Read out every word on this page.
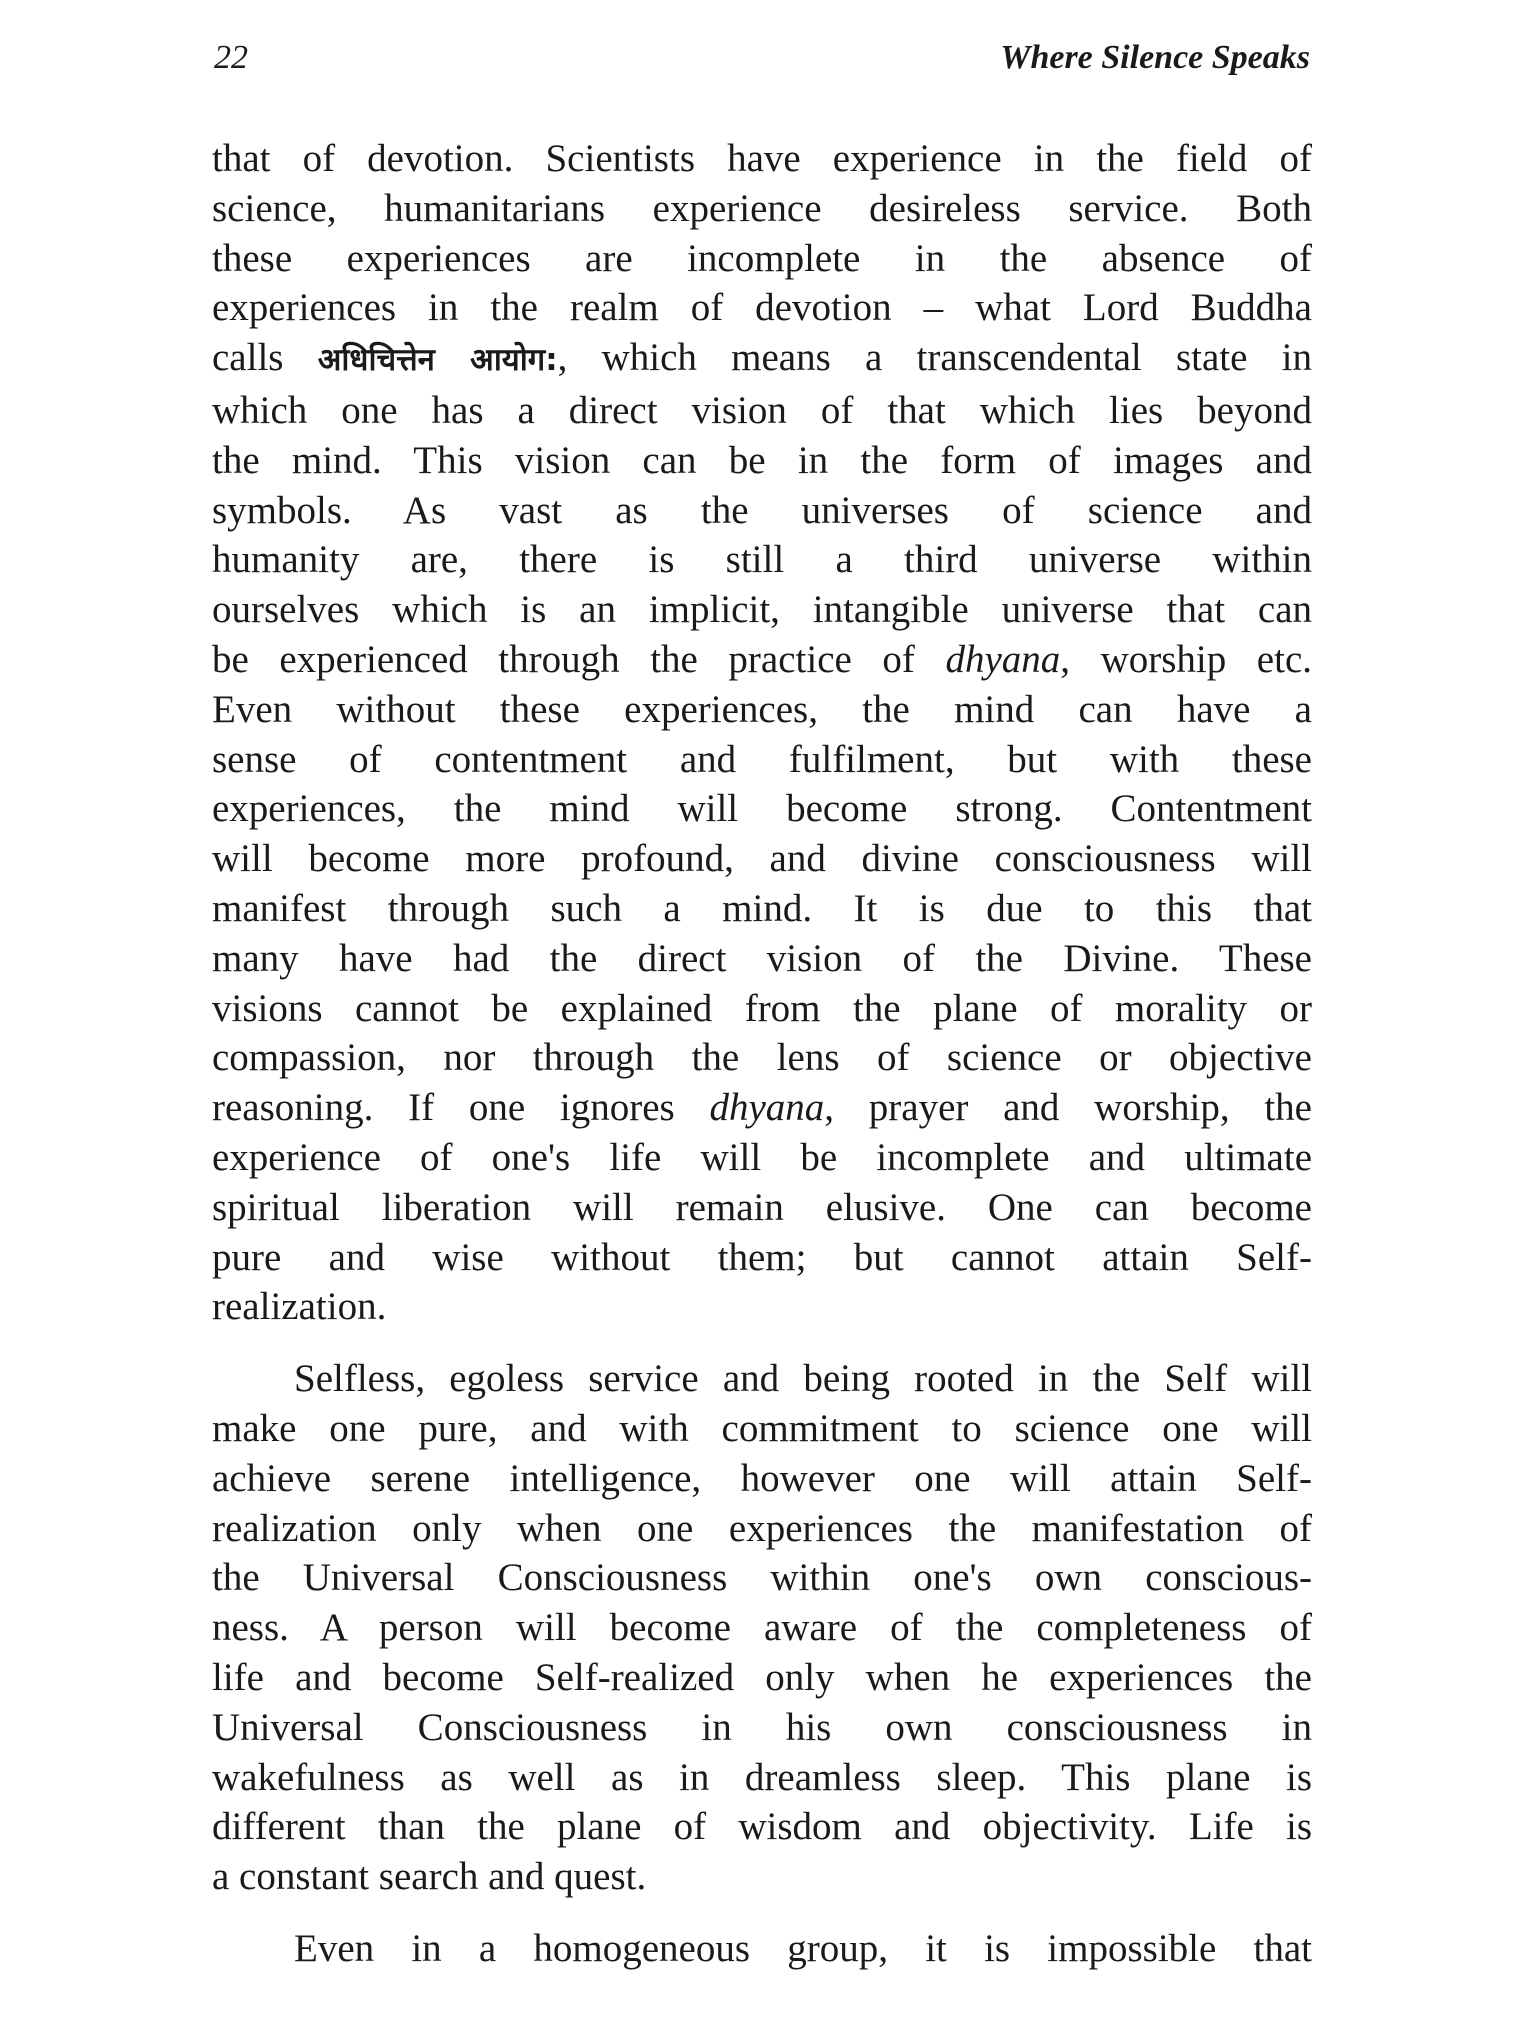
22	Where Silence Speaks
that of devotion. Scientists have experience in the field of
science, humanitarians experience desireless service. Both
these experiences are incomplete in the absence of
experiences in the realm of devotion – what Lord Buddha
calls अधिचित्तेन आयोग:, which means a transcendental state in
which one has a direct vision of that which lies beyond
the mind. This vision can be in the form of images and
symbols. As vast as the universes of science and
humanity are, there is still a third universe within
ourselves which is an implicit, intangible universe that can
be experienced through the practice of dhyana, worship etc.
Even without these experiences, the mind can have a
sense of contentment and fulfilment, but with these
experiences, the mind will become strong. Contentment
will become more profound, and divine consciousness will
manifest through such a mind. It is due to this that
many have had the direct vision of the Divine. These
visions cannot be explained from the plane of morality or
compassion, nor through the lens of science or objective
reasoning. If one ignores dhyana, prayer and worship, the
experience of one's life will be incomplete and ultimate
spiritual liberation will remain elusive. One can become
pure and wise without them; but cannot attain Self-
realization.
Selfless, egoless service and being rooted in the Self will
make one pure, and with commitment to science one will
achieve serene intelligence, however one will attain Self-
realization only when one experiences the manifestation of
the Universal Consciousness within one's own conscious-
ness. A person will become aware of the completeness of
life and become Self-realized only when he experiences the
Universal Consciousness in his own consciousness in
wakefulness as well as in dreamless sleep. This plane is
different than the plane of wisdom and objectivity. Life is
a constant search and quest.
Even in a homogeneous group, it is impossible that
